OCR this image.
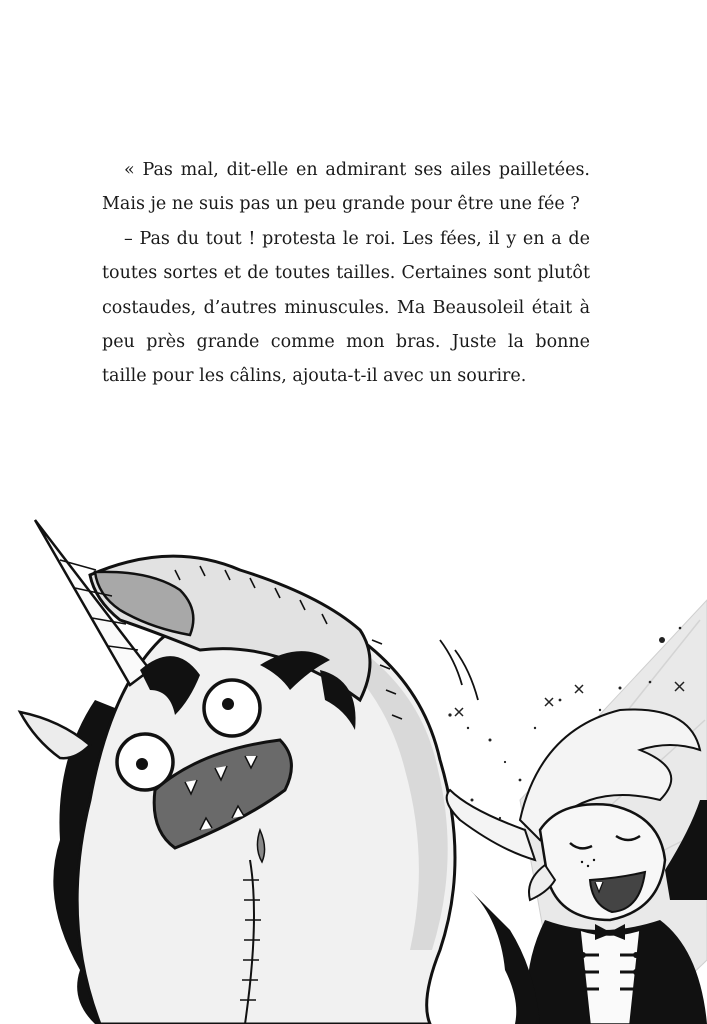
« Pas mal, dit-elle en admirant ses ailes pailletées. Mais je ne suis pas un peu grande pour être une fée ?

– Pas du tout ! protesta le roi. Les fées, il y en a de toutes sortes et de toutes tailles. Certaines sont plutôt costaudes, d’autres minuscules. Ma Beausoleil était à peu près grande comme mon bras. Juste la bonne taille pour les câlins, ajouta-t-il avec un sourire.
